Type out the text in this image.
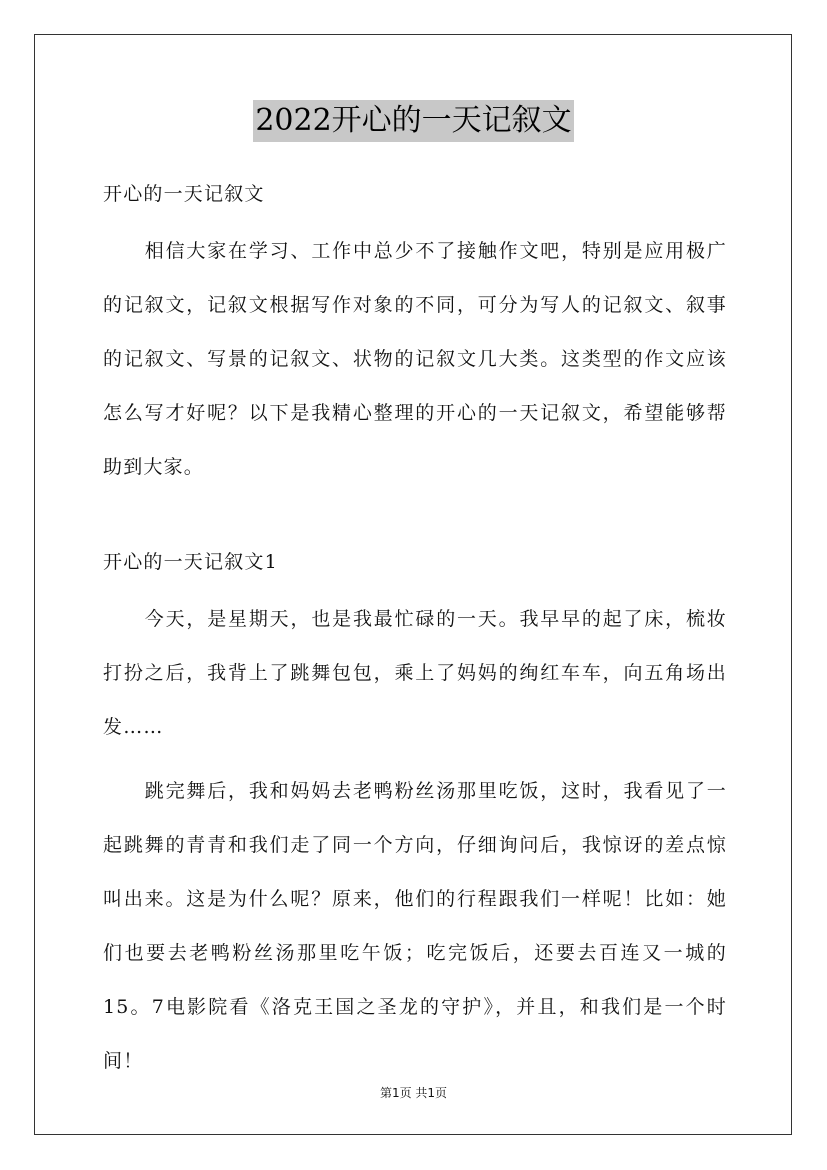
2022开心的一天记叙文

开心的一天记叙文

相信大家在学习、工作中总少不了接触作文吧，特别是应用极广的记叙文，记叙文根据写作对象的不同，可分为写人的记叙文、叙事的记叙文、写景的记叙文、状物的记叙文几大类。这类型的作文应该怎么写才好呢？以下是我精心整理的开心的一天记叙文，希望能够帮助到大家。

开心的一天记叙文1

今天，是星期天，也是我最忙碌的一天。我早早的起了床，梳妆打扮之后，我背上了跳舞包包，乘上了妈妈的绚红车车，向五角场出发……

跳完舞后，我和妈妈去老鸭粉丝汤那里吃饭，这时，我看见了一起跳舞的青青和我们走了同一个方向，仔细询问后，我惊讶的差点惊叫出来。这是为什么呢？原来，他们的行程跟我们一样呢！比如：她们也要去老鸭粉丝汤那里吃午饭；吃完饭后，还要去百连又一城的15。7电影院看《洛克王国之圣龙的守护》，并且，和我们是一个时间！

第1页 共1页
